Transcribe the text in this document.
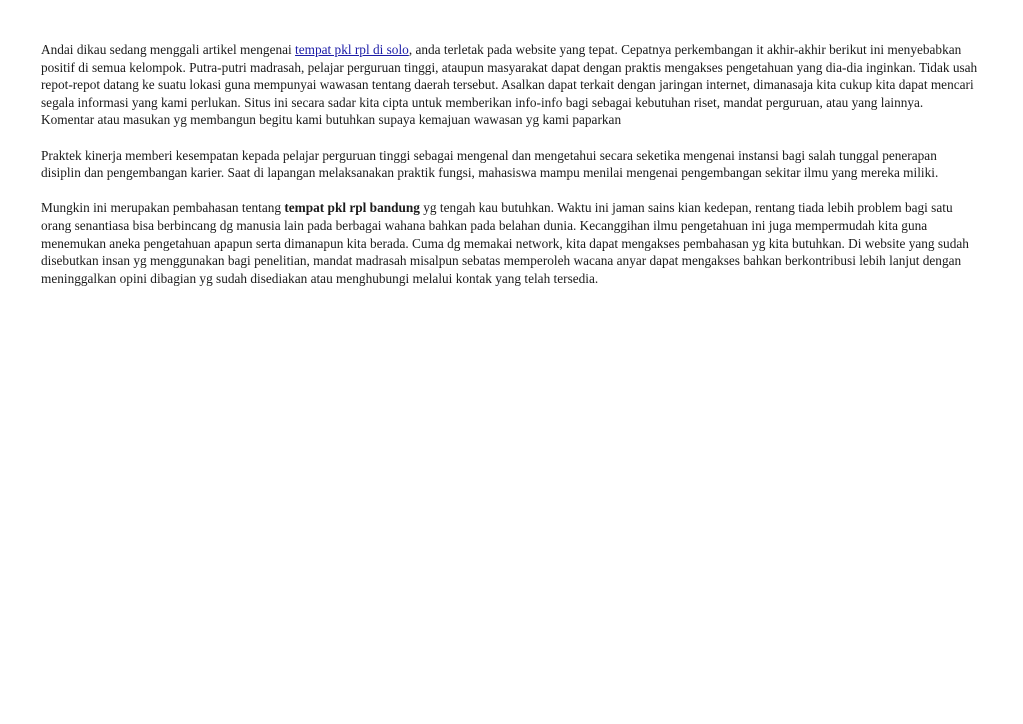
Andai dikau sedang menggali artikel mengenai tempat pkl rpl di solo, anda terletak pada website yang tepat. Cepatnya perkembangan it akhir-akhir berikut ini menyebabkan positif di semua kelompok. Putra-putri madrasah, pelajar perguruan tinggi, ataupun masyarakat dapat dengan praktis mengakses pengetahuan yang dia-dia inginkan. Tidak usah repot-repot datang ke suatu lokasi guna mempunyai wawasan tentang daerah tersebut. Asalkan dapat terkait dengan jaringan internet, dimanasaja kita cukup kita dapat mencari segala informasi yang kami perlukan. Situs ini secara sadar kita cipta untuk memberikan info-info bagi sebagai kebutuhan riset, mandat perguruan, atau yang lainnya. Komentar atau masukan yg membangun begitu kami butuhkan supaya kemajuan wawasan yg kami paparkan

Praktek kinerja memberi kesempatan kepada pelajar perguruan tinggi sebagai mengenal dan mengetahui secara seketika mengenai instansi bagi salah tunggal penerapan disiplin dan pengembangan karier. Saat di lapangan melaksanakan praktik fungsi, mahasiswa mampu menilai mengenai pengembangan sekitar ilmu yang mereka miliki.

Mungkin ini merupakan pembahasan tentang tempat pkl rpl bandung yg tengah kau butuhkan. Waktu ini jaman sains kian kedepan, rentang tiada lebih problem bagi satu orang senantiasa bisa berbincang dg manusia lain pada berbagai wahana bahkan pada belahan dunia. Kecanggihan ilmu pengetahuan ini juga mempermudah kita guna menemukan aneka pengetahuan apapun serta dimanapun kita berada. Cuma dg memakai network, kita dapat mengakses pembahasan yg kita butuhkan. Di website yang sudah disebutkan insan yg menggunakan bagi penelitian, mandat madrasah misalpun sebatas memperoleh wacana anyar dapat mengakses bahkan berkontribusi lebih lanjut dengan meninggalkan opini dibagian yg sudah disediakan atau menghubungi melalui kontak yang telah tersedia.
